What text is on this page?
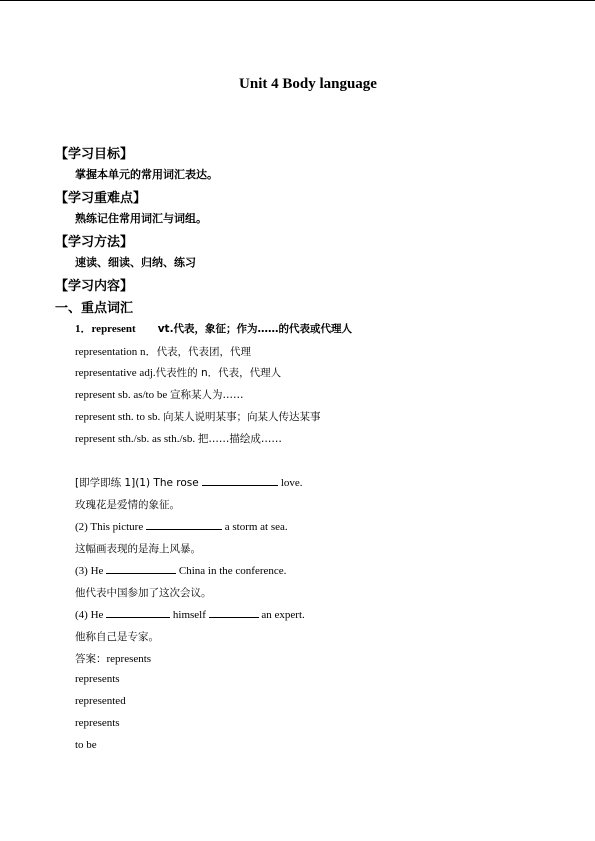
Unit 4 Body language
【学习目标】
掌握本单元的常用词汇表达。
【学习重难点】
熟练记住常用词汇与词组。
【学习方法】
速读、细读、归纳、练习
【学习内容】
一、重点词汇
1．represent vt.代表，象征；作为……的代表或代理人
representation n．代表，代表团，代理
representative adj.代表性的 n．代表，代理人
represent sb. as/to be 宣称某人为……
represent sth. to sb. 向某人说明某事；向某人传达某事
represent sth./sb. as sth./sb. 把……描绘成……
[即学即练 1](1) The rose	love.
玫瑰花是爱情的象征。
(2) This picture	a storm at sea.
这幅画表现的是海上风暴。
(3) He	China in the conference.
他代表中国参加了这次会议。
(4) He	himself	an expert.
他称自己是专家。
答案：represents
represents
represented
represents
to be
